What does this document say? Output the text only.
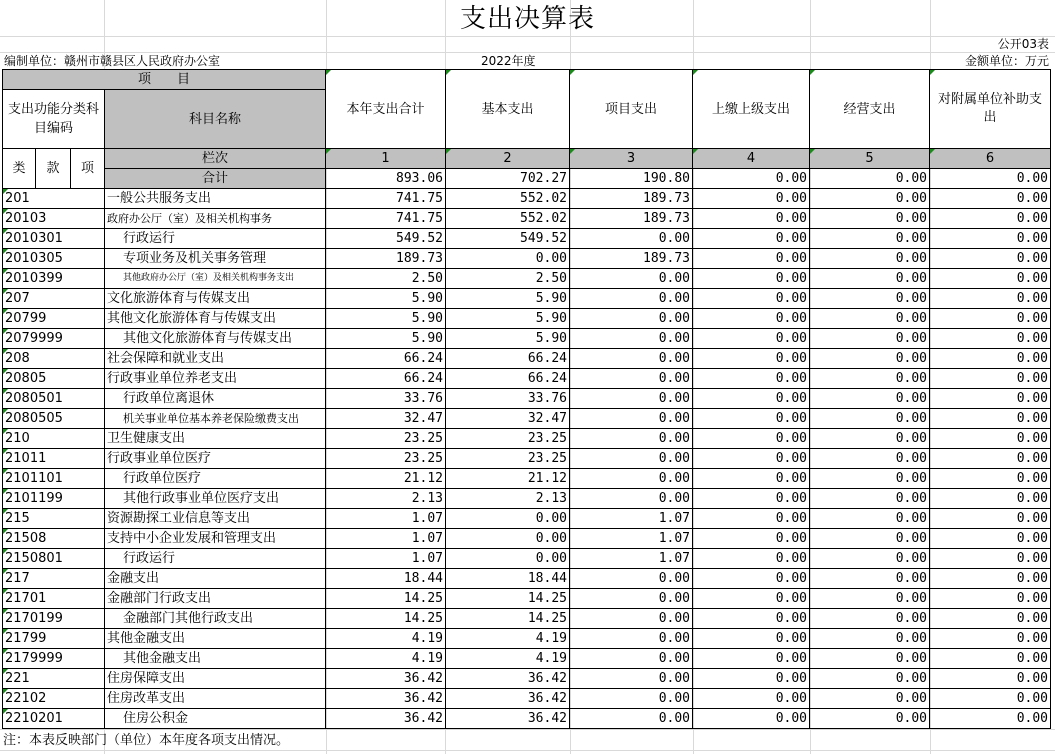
支出决算表
公开03表
编制单位：赣州市赣县区人民政府办公室	2022年度	金额单位：万元
项　　目				本年支出合计	基本支出	项目支出	上缴上级支出	经营支出	对附属单位补助支出
支出功能分类科目编码			科目名称						

类	款	项	栏次	1	2	3	4	5	6
			合计	893.06	702.27	190.80	0.00	0.00	0.00
201			一般公共服务支出	741.75	552.02	189.73	0.00	0.00	0.00
20103			政府办公厅（室）及相关机构事务	741.75	552.02	189.73	0.00	0.00	0.00
2010301			行政运行	549.52	549.52	0.00	0.00	0.00	0.00
2010305			专项业务及机关事务管理	189.73	0.00	189.73	0.00	0.00	0.00
2010399			其他政府办公厅（室）及相关机构事务支出	2.50	2.50	0.00	0.00	0.00	0.00
207			文化旅游体育与传媒支出	5.90	5.90	0.00	0.00	0.00	0.00
20799			其他文化旅游体育与传媒支出	5.90	5.90	0.00	0.00	0.00	0.00
2079999			其他文化旅游体育与传媒支出	5.90	5.90	0.00	0.00	0.00	0.00
208			社会保障和就业支出	66.24	66.24	0.00	0.00	0.00	0.00
20805			行政事业单位养老支出	66.24	66.24	0.00	0.00	0.00	0.00
2080501			行政单位离退休	33.76	33.76	0.00	0.00	0.00	0.00
2080505			机关事业单位基本养老保险缴费支出	32.47	32.47	0.00	0.00	0.00	0.00
210			卫生健康支出	23.25	23.25	0.00	0.00	0.00	0.00
21011			行政事业单位医疗	23.25	23.25	0.00	0.00	0.00	0.00
2101101			行政单位医疗	21.12	21.12	0.00	0.00	0.00	0.00
2101199			其他行政事业单位医疗支出	2.13	2.13	0.00	0.00	0.00	0.00
215			资源勘探工业信息等支出	1.07	0.00	1.07	0.00	0.00	0.00
21508			支持中小企业发展和管理支出	1.07	0.00	1.07	0.00	0.00	0.00
2150801			行政运行	1.07	0.00	1.07	0.00	0.00	0.00
217			金融支出	18.44	18.44	0.00	0.00	0.00	0.00
21701			金融部门行政支出	14.25	14.25	0.00	0.00	0.00	0.00
2170199			金融部门其他行政支出	14.25	14.25	0.00	0.00	0.00	0.00
21799			其他金融支出	4.19	4.19	0.00	0.00	0.00	0.00
2179999			其他金融支出	4.19	4.19	0.00	0.00	0.00	0.00
221			住房保障支出	36.42	36.42	0.00	0.00	0.00	0.00
22102			住房改革支出	36.42	36.42	0.00	0.00	0.00	0.00
2210201			住房公积金	36.42	36.42	0.00	0.00	0.00	0.00
注：本表反映部门（单位）本年度各项支出情况。
